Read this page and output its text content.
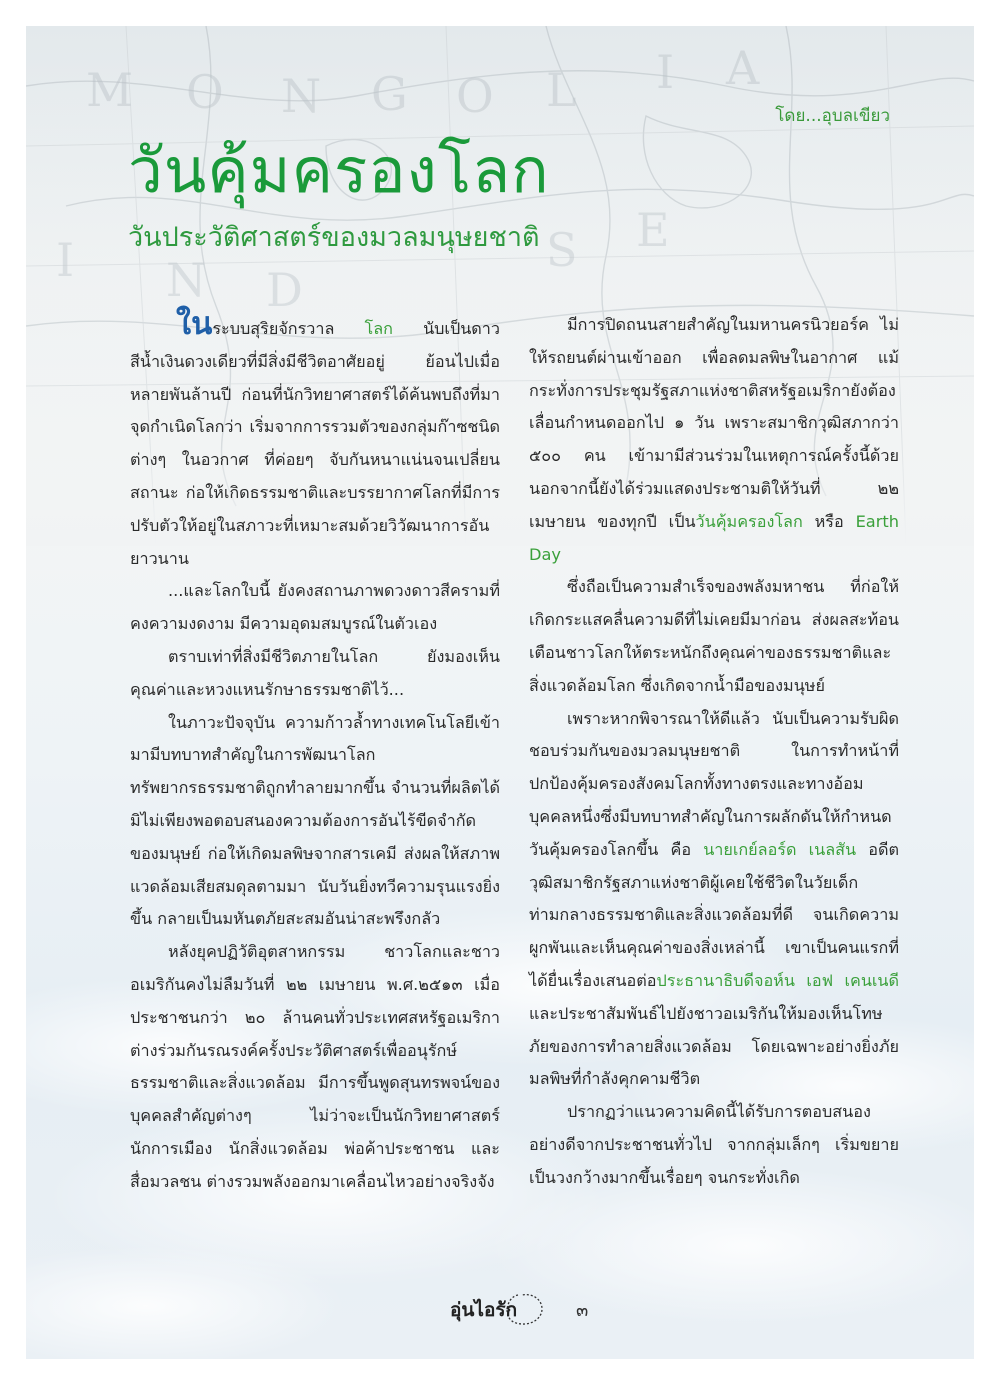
โดย...อุบลเขียว
วันคุ้มครองโลก
วันประวัติศาสตร์ของมวลมนุษยชาติ

ในระบบสุริยจักรวาล โลก นับเป็นดาวสีน้ำเงินดวงเดียวที่มีสิ่งมีชีวิตอาศัยอยู่ ย้อนไปเมื่อหลายพันล้านปี ก่อนที่นักวิทยาศาสตร์ได้ค้นพบถึงที่มาจุดกำเนิดโลกว่า เริ่มจากการรวมตัวของกลุ่มก๊าซชนิดต่างๆ ในอวกาศ ที่ค่อยๆ จับกันหนาแน่นจนเปลี่ยนสถานะ ก่อให้เกิดธรรมชาติและบรรยากาศโลกที่มีการปรับตัวให้อยู่ในสภาวะที่เหมาะสมด้วยวิวัฒนาการอันยาวนาน

...และโลกใบนี้ ยังคงสถานภาพดวงดาวสีครามที่คงความงดงาม มีความอุดมสมบูรณ์ในตัวเอง

ตราบเท่าที่สิ่งมีชีวิตภายในโลก ยังมองเห็นคุณค่าและหวงแหนรักษาธรรมชาติไว้...

ในภาวะปัจจุบัน ความก้าวล้ำทางเทคโนโลยีเข้ามามีบทบาทสำคัญในการพัฒนาโลก ทรัพยากรธรรมชาติถูกทำลายมากขึ้น จำนวนที่ผลิตได้มิไม่เพียงพอตอบสนองความต้องการอันไร้ขีดจำกัดของมนุษย์ ก่อให้เกิดมลพิษจากสารเคมี ส่งผลให้สภาพแวดล้อมเสียสมดุลตามมา นับวันยิ่งทวีความรุนแรงยิ่งขึ้น กลายเป็นมหันตภัยสะสมอันน่าสะพรึงกลัว

หลังยุคปฏิวัติอุตสาหกรรม ชาวโลกและชาวอเมริกันคงไม่ลืมวันที่ ๒๒ เมษายน พ.ศ.๒๕๑๓ เมื่อประชาชนกว่า ๒๐ ล้านคนทั่วประเทศสหรัฐอเมริกา ต่างร่วมกันรณรงค์ครั้งประวัติศาสตร์เพื่ออนุรักษ์ธรรมชาติและสิ่งแวดล้อม มีการขึ้นพูดสุนทรพจน์ของบุคคลสำคัญต่างๆ ไม่ว่าจะเป็นนักวิทยาศาสตร์ นักการเมือง นักสิ่งแวดล้อม พ่อค้าประชาชน และสื่อมวลชน ต่างรวมพลังออกมาเคลื่อนไหวอย่างจริงจัง

มีการปิดถนนสายสำคัญในมหานครนิวยอร์ค ไม่ให้รถยนต์ผ่านเข้าออก เพื่อลดมลพิษในอากาศ แม้กระทั่งการประชุมรัฐสภาแห่งชาติสหรัฐอเมริกายังต้องเลื่อนกำหนดออกไป ๑ วัน เพราะสมาชิกวุฒิสภากว่า ๕๐๐ คน เข้ามามีส่วนร่วมในเหตุการณ์ครั้งนี้ด้วย นอกจากนี้ยังได้ร่วมแสดงประชามติให้วันที่ ๒๒ เมษายน ของทุกปี เป็นวันคุ้มครองโลก หรือ Earth Day

ซึ่งถือเป็นความสำเร็จของพลังมหาชน ที่ก่อให้เกิดกระแสคลื่นความดีที่ไม่เคยมีมาก่อน ส่งผลสะท้อนเตือนชาวโลกให้ตระหนักถึงคุณค่าของธรรมชาติและสิ่งแวดล้อมโลก ซึ่งเกิดจากน้ำมือของมนุษย์

เพราะหากพิจารณาให้ดีแล้ว นับเป็นความรับผิดชอบร่วมกันของมวลมนุษยชาติ ในการทำหน้าที่ปกป้องคุ้มครองสังคมโลกทั้งทางตรงและทางอ้อม บุคคลหนึ่งซึ่งมีบทบาทสำคัญในการผลักดันให้กำหนดวันคุ้มครองโลกขึ้น คือ นายเกย์ลอร์ด เนลสัน อดีตวุฒิสมาชิกรัฐสภาแห่งชาติผู้เคยใช้ชีวิตในวัยเด็กท่ามกลางธรรมชาติและสิ่งแวดล้อมที่ดี จนเกิดความผูกพันและเห็นคุณค่าของสิ่งเหล่านี้ เขาเป็นคนแรกที่ได้ยื่นเรื่องเสนอต่อประธานาธิบดีจอห์น เอฟ เคนเนดี และประชาสัมพันธ์ไปยังชาวอเมริกันให้มองเห็นโทษภัยของการทำลายสิ่งแวดล้อม โดยเฉพาะอย่างยิ่งภัยมลพิษที่กำลังคุกคามชีวิต

ปรากฏว่าแนวความคิดนี้ได้รับการตอบสนองอย่างดีจากประชาชนทั่วไป จากกลุ่มเล็กๆ เริ่มขยายเป็นวงกว้างมากขึ้นเรื่อยๆ จนกระทั่งเกิด

อุ่นไอรัก	๓
